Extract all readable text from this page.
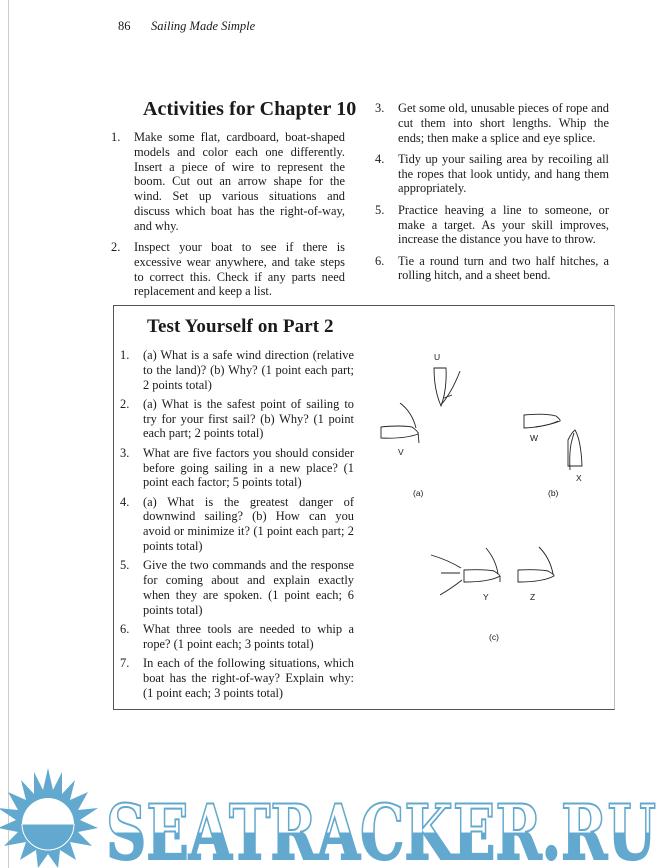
86 Sailing Made Simple
Activities for Chapter 10
1. Make some flat, cardboard, boat-shaped models and color each one differently. Insert a piece of wire to represent the boom. Cut out an arrow shape for the wind. Set up various situations and discuss which boat has the right-of-way, and why.
2. Inspect your boat to see if there is excessive wear anywhere, and take steps to correct this. Check if any parts need replacement and keep a list.
3. Get some old, unusable pieces of rope and cut them into short lengths. Whip the ends; then make a splice and eye splice.
4. Tidy up your sailing area by recoiling all the ropes that look untidy, and hang them appropriately.
5. Practice heaving a line to someone, or make a target. As your skill improves, increase the distance you have to throw.
6. Tie a round turn and two half hitches, a rolling hitch, and a sheet bend.
Test Yourself on Part 2
1. (a) What is a safe wind direction (relative to the land)? (b) Why? (1 point each part; 2 points total)
2. (a) What is the safest point of sailing to try for your first sail? (b) Why? (1 point each part; 2 points total)
3. What are five factors you should consider before going sailing in a new place? (1 point each factor; 5 points total)
4. (a) What is the greatest danger of downwind sailing? (b) How can you avoid or minimize it? (1 point each part; 2 points total)
5. Give the two commands and the response for coming about and explain exactly when they are spoken. (1 point each; 6 points total)
6. What three tools are needed to whip a rope? (1 point each; 3 points total)
7. In each of the following situations, which boat has the right-of-way? Explain why: (1 point each; 3 points total)
U
V
W
X
Y	Z
(a)	(b)
(c)
SEATRACKER.RU
